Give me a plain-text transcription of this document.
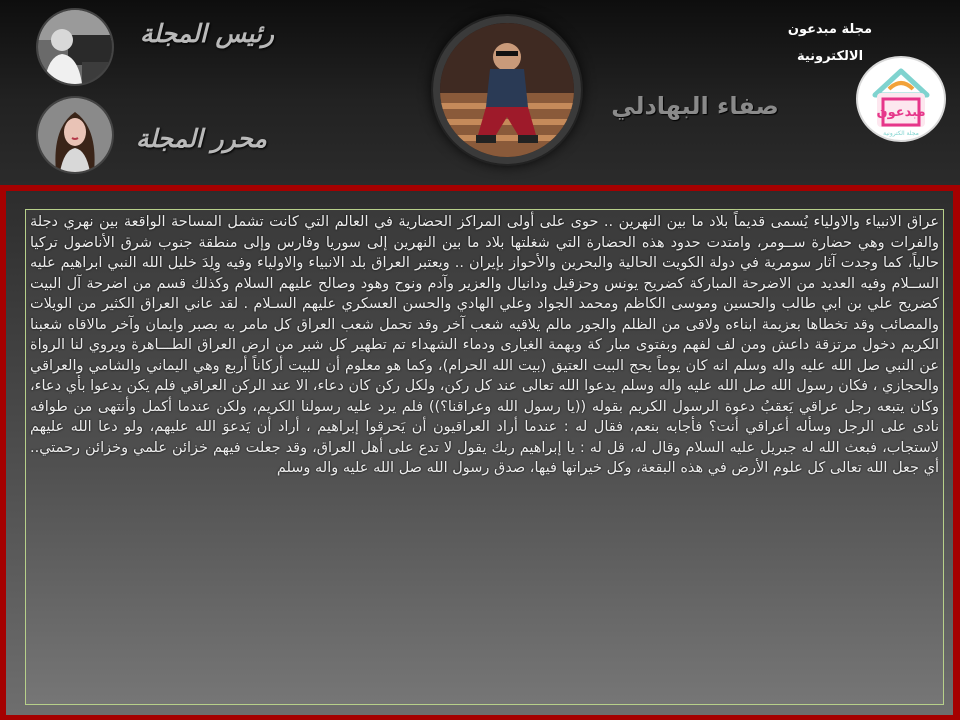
رئيس المجلة
محرر المجلة
صفاء البهادلي
مجلة مبدعون
الالكترونية
مبدعون
مجلة الكترونية
عراق الانبياء والاولياء يُسمى قديماً بلاد ما بين النهرين .. حوى على أولى المراكز الحضارية في العالم التي كانت تشمل المساحة الواقعة بين نهري دجلة والفرات وهي حضارة ســومر، وامتدت حدود هذه الحضارة التي شغلتها بلاد ما بين النهرين إلى سوريا وفارس وإلى منطقة جنوب شرق الأناضول تركيا حالياً، كما وجدت آثار سومرية في دولة الكويت الحالية والبحرين والأحواز بإيران .. ويعتبر العراق بلد الانبياء والاولياء وفيه وِلِدَ خليل الله النبي ابراهيم عليه الســلام وفيه العديد من الاضرحة المباركة كضريح يونس وحزقيل ودانيال والعزير وآدم ونوح وهود وصالح عليهم السلام وكذلك قسم من اضرحة آل البيت كضريح علي بن ابي طالب والحسين وموسى الكاظم ومحمد الجواد وعلي الهادي والحسن العسكري عليهم السـلام . لقد عاني العراق الكثير من الويلات والمصائب وقد تخطاها بعزيمة ابناءه ولاقى من الظلم والجور مالم يلاقيه شعب آخر وقد تحمل شعب العراق كل مامر به بصبر وايمان وآخر مالاقاه شعبنا الكريم دخول مرتزقة داعش ومن لف لفهم وبفتوى مبار كة وبهمة الغيارى ودماء الشهداء تم تطهير كل شبر من ارض العراق الطـــاهرة ويروي لنا الرواة عن النبي صل الله عليه واله وسلم انه كان يوماً يحج البيت العتيق (بيت الله الحرام)، وكما هو معلوم أن للبيت أركاناً أربع وهي اليماني والشامي والعراقي والحجازي ، فكان رسول الله صل الله عليه واله وسلم يدعوا الله تعالى عند كل ركن، ولكل ركن كان دعاء، الا عند الركن العراقي فلم يكن يدعوا بأي دعاء، وكان يتبعه رجل عراقي يَعقبُ دعوة الرسول الكريم بقوله ((يا رسول الله وعراقنا؟)) فلم يرد عليه رسولنا الكريم، ولكن عندما أكمل وأنتهى من طوافه نادى على الرجل وسأله أعراقي أنت؟ فأجابه بنعم، فقال له : عندما أراد العراقيون أن يَحرقوا إبراهيم ، أراد أن يَدعوَ الله عليهم، ولو دعا الله عليهم لاستجاب، فبعث الله له جبريل عليه السلام وقال له، قل له : يا إبراهيم ربك يقول لا تدع على أهل العراق، وقد جعلت فيهم خزائن علمي وخزائن رحمتي.. أي جعل الله تعالى كل علوم الأرض في هذه البقعة، وكل خيراتها فيها، صدق رسول الله صل الله عليه واله وسلم
